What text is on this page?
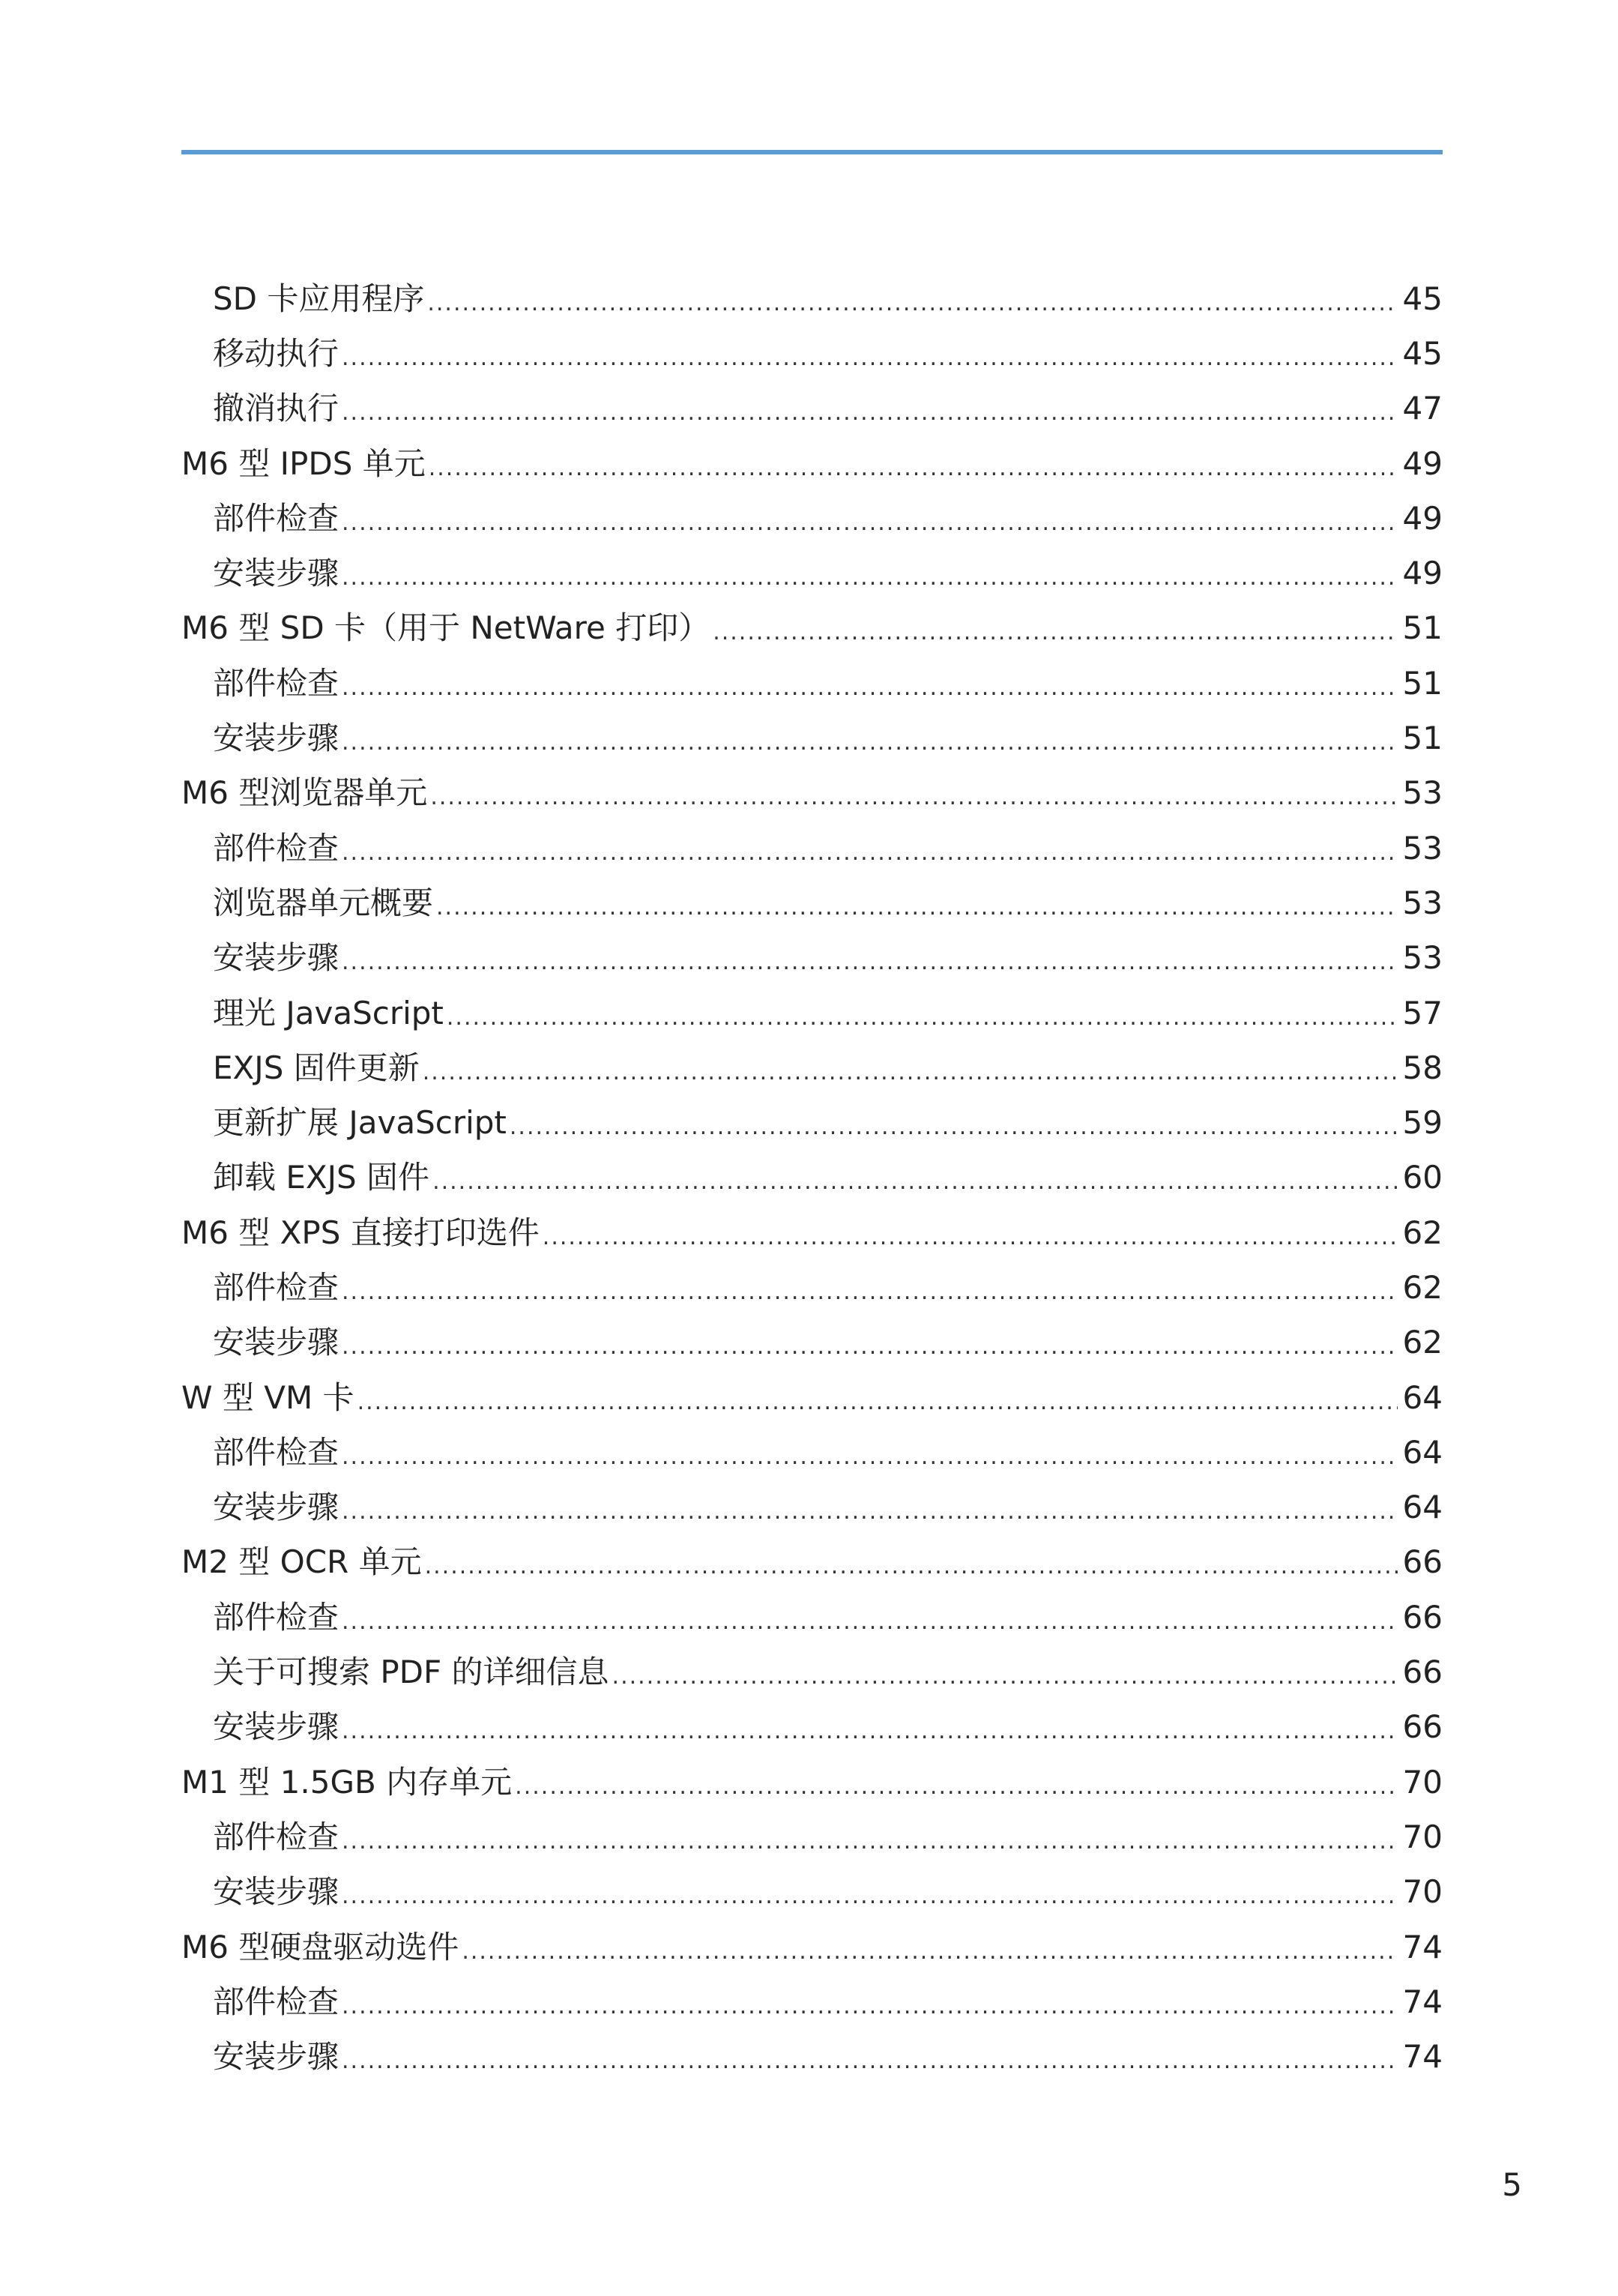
SD 卡应用程序 .....	45
移动执行 .....	45
撤消执行 .....	47
M6 型 IPDS 单元 .....	49
部件检查 .....	49
安装步骤 .....	49
M6 型 SD 卡（用于 NetWare 打印） .....	51
部件检查 .....	51
安装步骤 .....	51
M6 型浏览器单元 .....	53
部件检查 .....	53
浏览器单元概要 .....	53
安装步骤 .....	53
理光 JavaScript .....	57
EXJS 固件更新 .....	58
更新扩展 JavaScript .....	59
卸载 EXJS 固件 .....	60
M6 型 XPS 直接打印选件 .....	62
部件检查 .....	62
安装步骤 .....	62
W 型 VM 卡 .....	64
部件检查 .....	64
安装步骤 .....	64
M2 型 OCR 单元 .....	66
部件检查 .....	66
关于可搜索 PDF 的详细信息 .....	66
安装步骤 .....	66
M1 型 1.5GB 内存单元 .....	70
部件检查 .....	70
安装步骤 .....	70
M6 型硬盘驱动选件 .....	74
部件检查 .....	74
安装步骤 .....	74
5
